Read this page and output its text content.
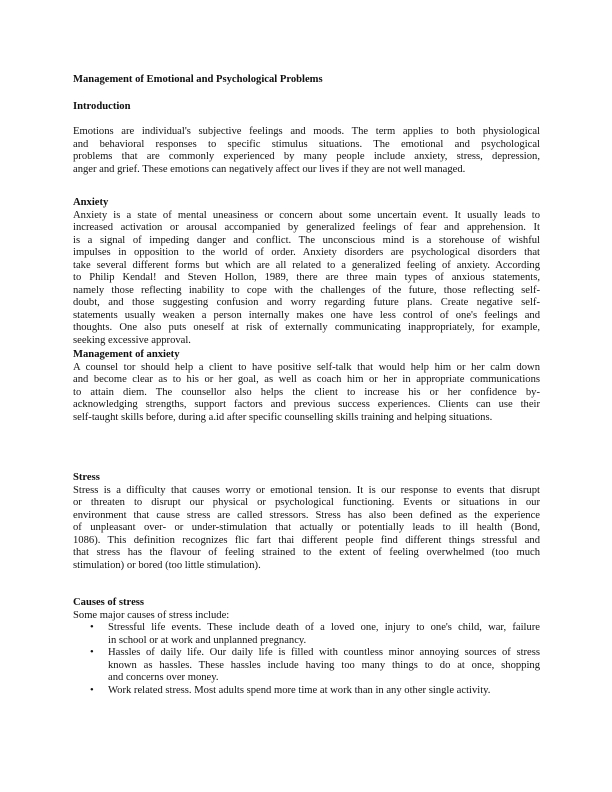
Management of Emotional and Psychological Problems
Introduction
Emotions are individual's subjective feelings and moods. The term applies to both physiological
and behavioral responses to specific stimulus situations. The emotional and psychological
problems that are commonly experienced by many people include anxiety, stress, depression,
anger and grief. These emotions can negatively affect our lives if they are not well managed.
Anxiety
Anxiety is a state of mental uneasiness or concern about some uncertain event. It usually leads to
increased activation or arousal accompanied by generalized feelings of fear and apprehension. It
is a signal of impeding danger and conflict. The unconscious mind is a storehouse of wishful
impulses in opposition to the world of order. Anxiety disorders are psychological disorders that
take several different forms but which are all related to a generalized feeling of anxiety. According
to Philip Kendal! and Steven Hollon, 1989, there are three main types of anxious statements,
namely those reflecting inability to cope with the challenges of the future, those reflecting self-
doubt, and those suggesting confusion and worry regarding future plans. Create negative self-
statements usually weaken a person internally makes one have less control of one's feelings and
thoughts. One also puts oneself at risk of externally communicating inappropriately, for example,
seeking excessive approval.
Management of anxiety
A counsel tor should help a client to have positive self-talk that would help him or her calm down
and become clear as to his or her goal, as well as coach him or her in appropriate communications
to attain diem. The counsellor also helps the client to increase his or her confidence by-
acknowledging strengths, support factors and previous success experiences. Clients can use their
self-taught skills before, during a.id after specific counselling skills training and helping situations.
Stress
Stress is a difficulty that causes worry or emotional tension. It is our response to events that disrupt
or threaten to disrupt our physical or psychological functioning. Events or situations in our
environment that cause stress are called stressors. Stress has also been defined as the experience
of unpleasant over- or under-stimulation that actually or potentially leads to ill health (Bond,
1086). This definition recognizes flic fart thai different people find different things stressful and
that stress has the flavour of feeling strained to the extent of feeling overwhelmed (too much
stimulation) or bored (too little stimulation).
Causes of stress
Some major causes of stress include:
• Stressful life events. These include death of a loved one, injury to one's child, war, failure
in school or at work and unplanned pregnancy.
• Hassles of daily life. Our daily life is filled with countless minor annoying sources of stress
known as hassles. These hassles include having too many things to do at once, shopping
and concerns over money.
• Work related stress. Most adults spend more time at work than in any other single activity.
